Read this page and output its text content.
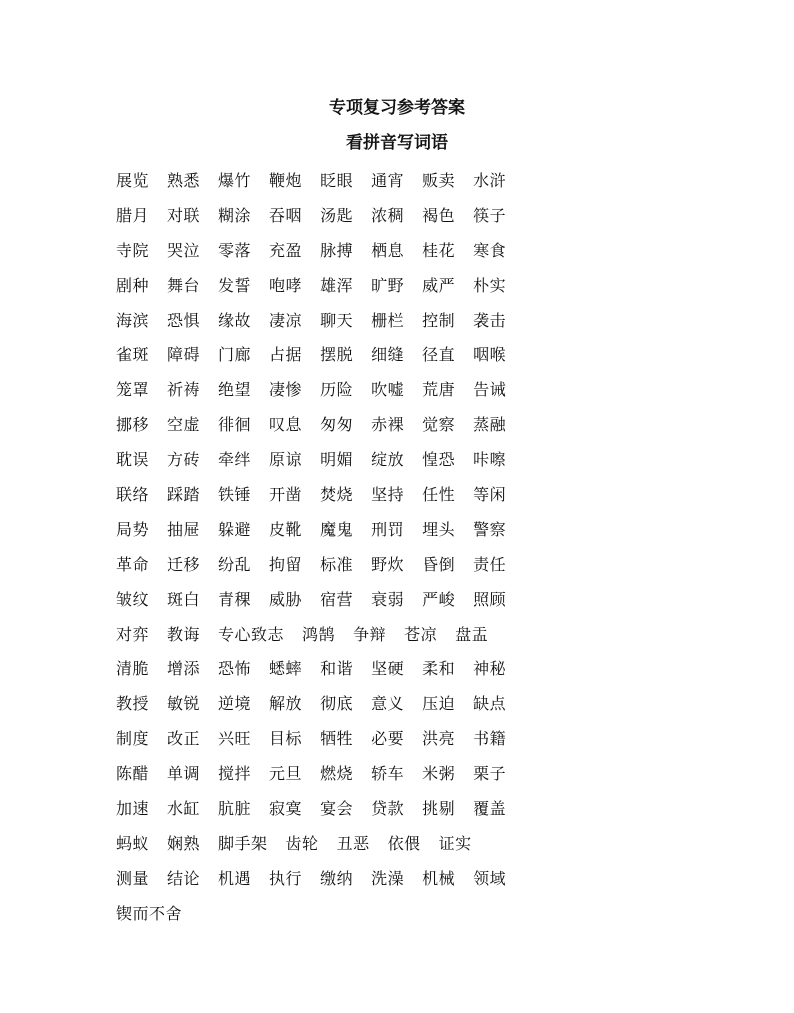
专项复习参考答案
看拼音写词语
展览 熟悉 爆竹 鞭炮 眨眼 通宵 贩卖 水浒
腊月 对联 糊涂 吞咽 汤匙 浓稠 褐色 筷子
寺院 哭泣 零落 充盈 脉搏 栖息 桂花 寒食
剧种 舞台 发誓 咆哮 雄浑 旷野 威严 朴实
海滨 恐惧 缘故 凄凉 聊天 栅栏 控制 袭击
雀斑 障碍 门廊 占据 摆脱 细缝 径直 咽喉
笼罩 祈祷 绝望 凄惨 历险 吹嘘 荒唐 告诫
挪移 空虚 徘徊 叹息 匆匆 赤裸 觉察 蒸融
耽误 方砖 牵绊 原谅 明媚 绽放 惶恐 咔嚓
联络 踩踏 铁锤 开凿 焚烧 坚持 任性 等闲
局势 抽屉 躲避 皮靴 魔鬼 刑罚 埋头 警察
革命 迁移 纷乱 拘留 标准 野炊 昏倒 责任
皱纹 斑白 青稞 威胁 宿营 衰弱 严峻 照顾
对弈 教诲 专心致志 鸿鹄 争辩 苍凉 盘盂
清脆 增添 恐怖 蟋蟀 和谐 坚硬 柔和 神秘
教授 敏锐 逆境 解放 彻底 意义 压迫 缺点
制度 改正 兴旺 目标 牺牲 必要 洪亮 书籍
陈醋 单调 搅拌 元旦 燃烧 轿车 米粥 栗子
加速 水缸 肮脏 寂寞 宴会 贷款 挑剔 覆盖
蚂蚁 娴熟 脚手架 齿轮 丑恶 依偎 证实
测量 结论 机遇 执行 缴纳 洗澡 机械 领域
锲而不舍
